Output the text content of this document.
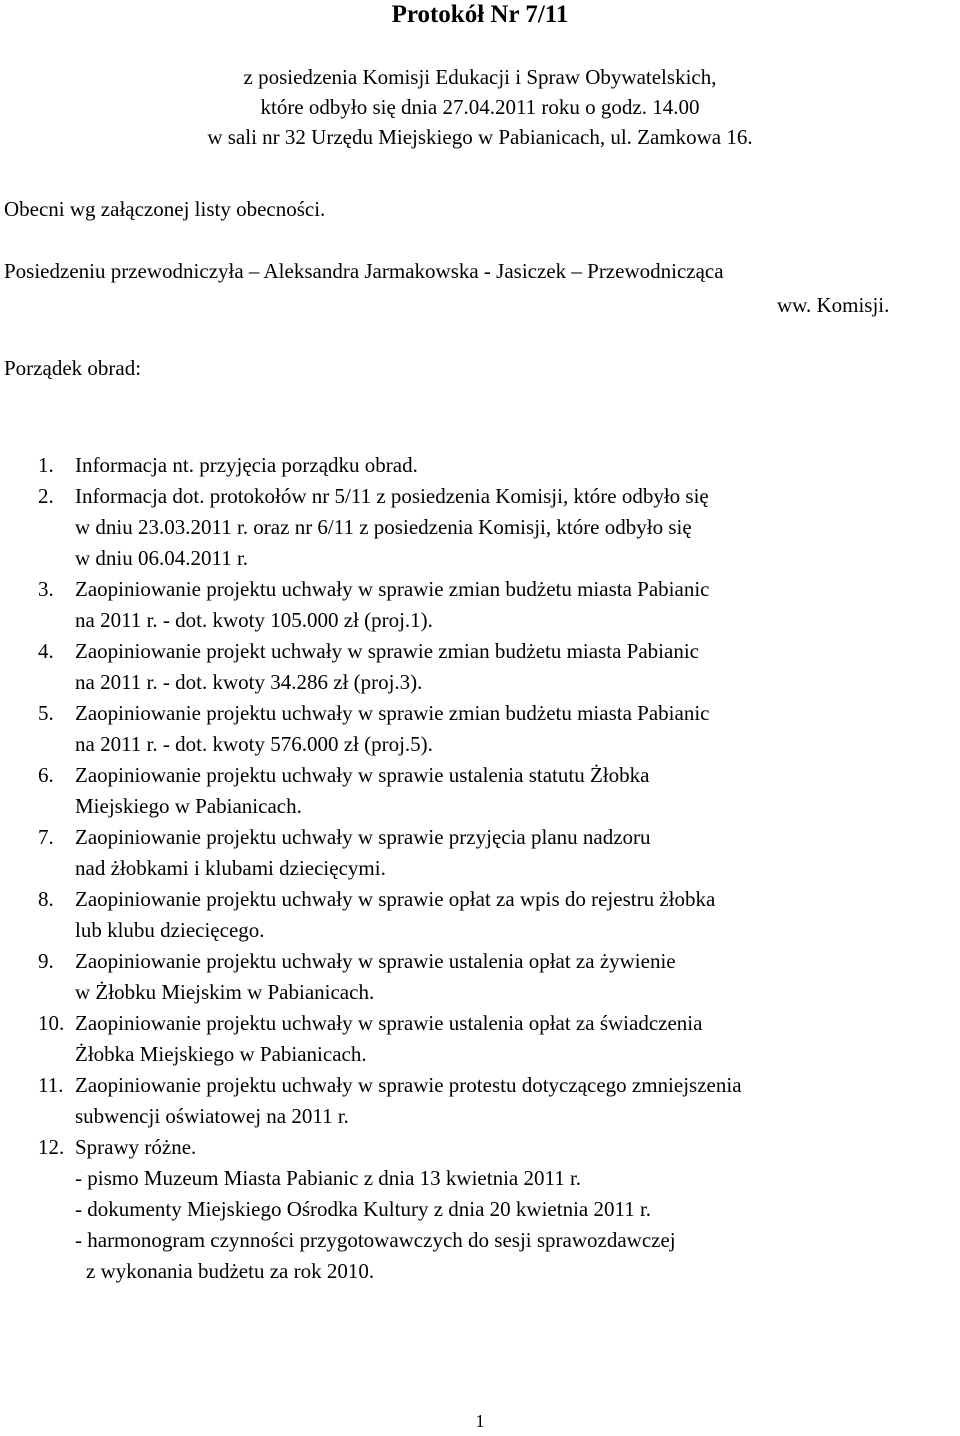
Protokół Nr 7/11
z posiedzenia Komisji Edukacji i Spraw Obywatelskich,
które odbyło się dnia 27.04.2011 roku o godz. 14.00
w sali nr 32 Urzędu Miejskiego w Pabianicach, ul. Zamkowa 16.
Obecni wg załączonej listy obecności.
Posiedzeniu przewodniczyła – Aleksandra Jarmakowska - Jasiczek – Przewodnicząca
ww. Komisji.
Porządek obrad:
1.	Informacja nt. przyjęcia porządku obrad.
2.	Informacja dot. protokołów nr 5/11 z posiedzenia Komisji, które odbyło się
w dniu 23.03.2011 r. oraz nr 6/11 z posiedzenia Komisji, które odbyło się
w dniu 06.04.2011 r.
3.	Zaopiniowanie projektu uchwały w sprawie zmian budżetu miasta Pabianic
na 2011 r. - dot. kwoty 105.000 zł (proj.1).
4.	Zaopiniowanie projekt uchwały w sprawie zmian budżetu miasta Pabianic
na 2011 r. - dot. kwoty 34.286 zł (proj.3).
5.	Zaopiniowanie projektu uchwały w sprawie zmian budżetu miasta Pabianic
na 2011 r. - dot. kwoty 576.000 zł (proj.5).
6.	Zaopiniowanie projektu uchwały w sprawie ustalenia statutu Żłobka
Miejskiego w Pabianicach.
7.	Zaopiniowanie projektu uchwały w sprawie przyjęcia planu nadzoru
nad żłobkami i klubami dziecięcymi.
8.	Zaopiniowanie projektu uchwały w sprawie opłat za wpis do rejestru żłobka
lub klubu dziecięcego.
9.	Zaopiniowanie projektu uchwały w sprawie ustalenia opłat za żywienie
w Żłobku Miejskim w Pabianicach.
10. Zaopiniowanie projektu uchwały w sprawie ustalenia opłat za świadczenia
Żłobka Miejskiego w Pabianicach.
11. Zaopiniowanie projektu uchwały w sprawie protestu dotyczącego zmniejszenia
subwencji oświatowej na 2011 r.
12. Sprawy różne.
- pismo Muzeum Miasta Pabianic z dnia 13 kwietnia 2011 r.
- dokumenty Miejskiego Ośrodka Kultury z dnia 20 kwietnia 2011 r.
- harmonogram czynności przygotowawczych do sesji sprawozdawczej
z wykonania budżetu za rok 2010.
1
